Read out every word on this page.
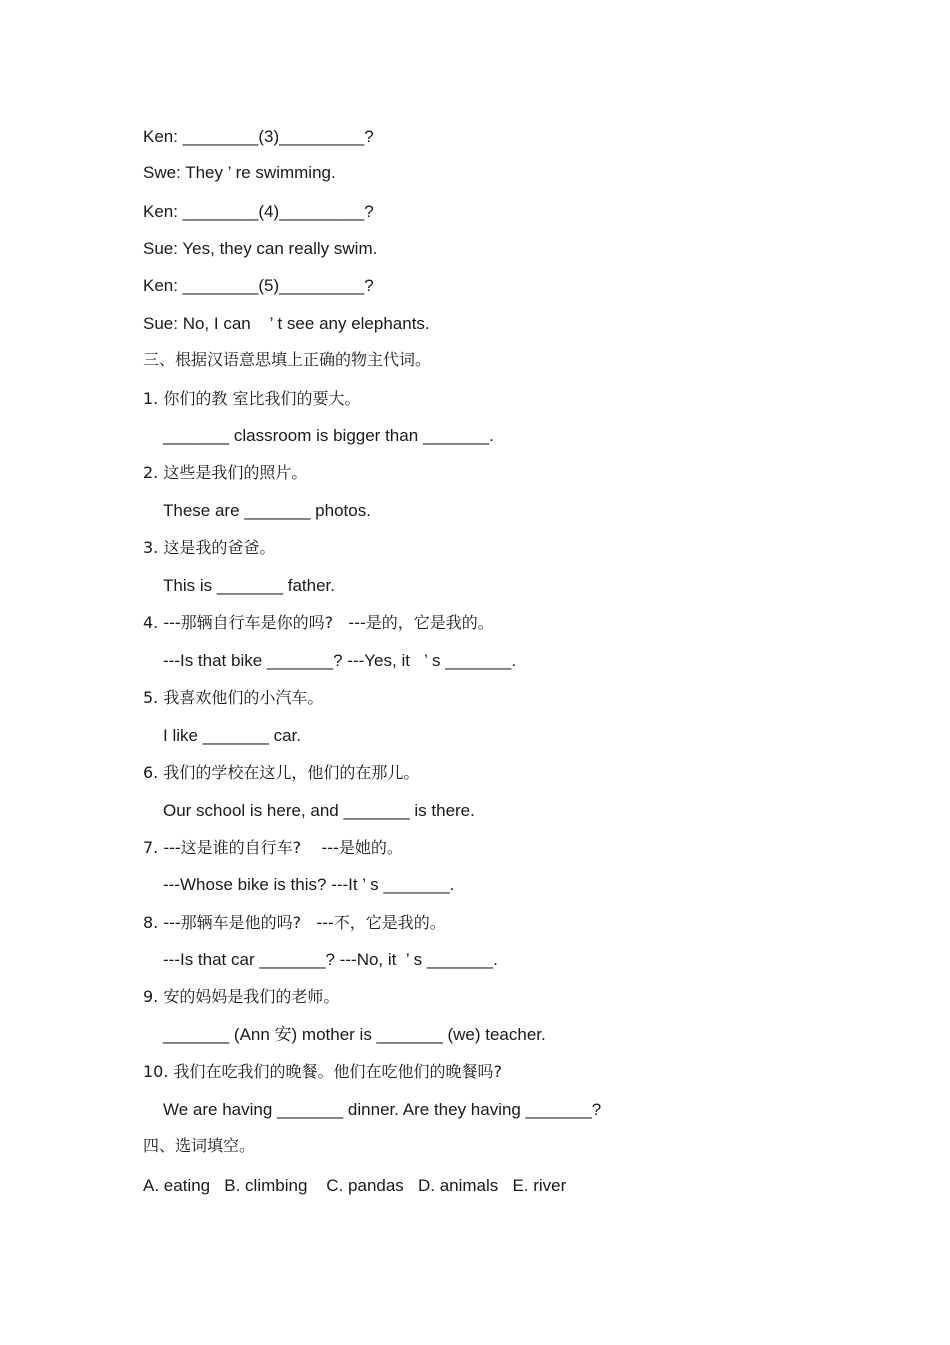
Ken: ________(3)_________?
Swe: They ’ re swimming.
Ken: ________(4)_________?
Sue: Yes, they can really swim.
Ken: ________(5)_________?
Sue: No, I can    ’ t see any elephants.
三、根据汉语意思填上正确的物主代词。
1. 你们的教 室比我们的要大。
_______ classroom is bigger than _______.
2. 这些是我们的照片。
These are _______ photos.
3. 这是我的爸爸。
This is _______ father.
4. ---那辆自行车是你的吗?   ---是的，它是我的。
---Is that bike _______? ---Yes, it   ’ s _______.
5. 我喜欢他们的小汽车。
I like _______ car.
6. 我们的学校在这儿，他们的在那儿。
Our school is here, and _______ is there.
7. ---这是谁的自行车?    ---是她的。
---Whose bike is this? ---It ’ s _______.
8. ---那辆车是他的吗?   ---不，它是我的。
---Is that car _______? ---No, it  ’ s _______.
9. 安的妈妈是我们的老师。
_______ (Ann 安) mother is _______ (we) teacher.
10. 我们在吃我们的晚餐。他们在吃他们的晚餐吗?
We are having _______ dinner. Are they having _______?
四、选词填空。
A. eating   B. climbing    C. pandas   D. animals   E. river
